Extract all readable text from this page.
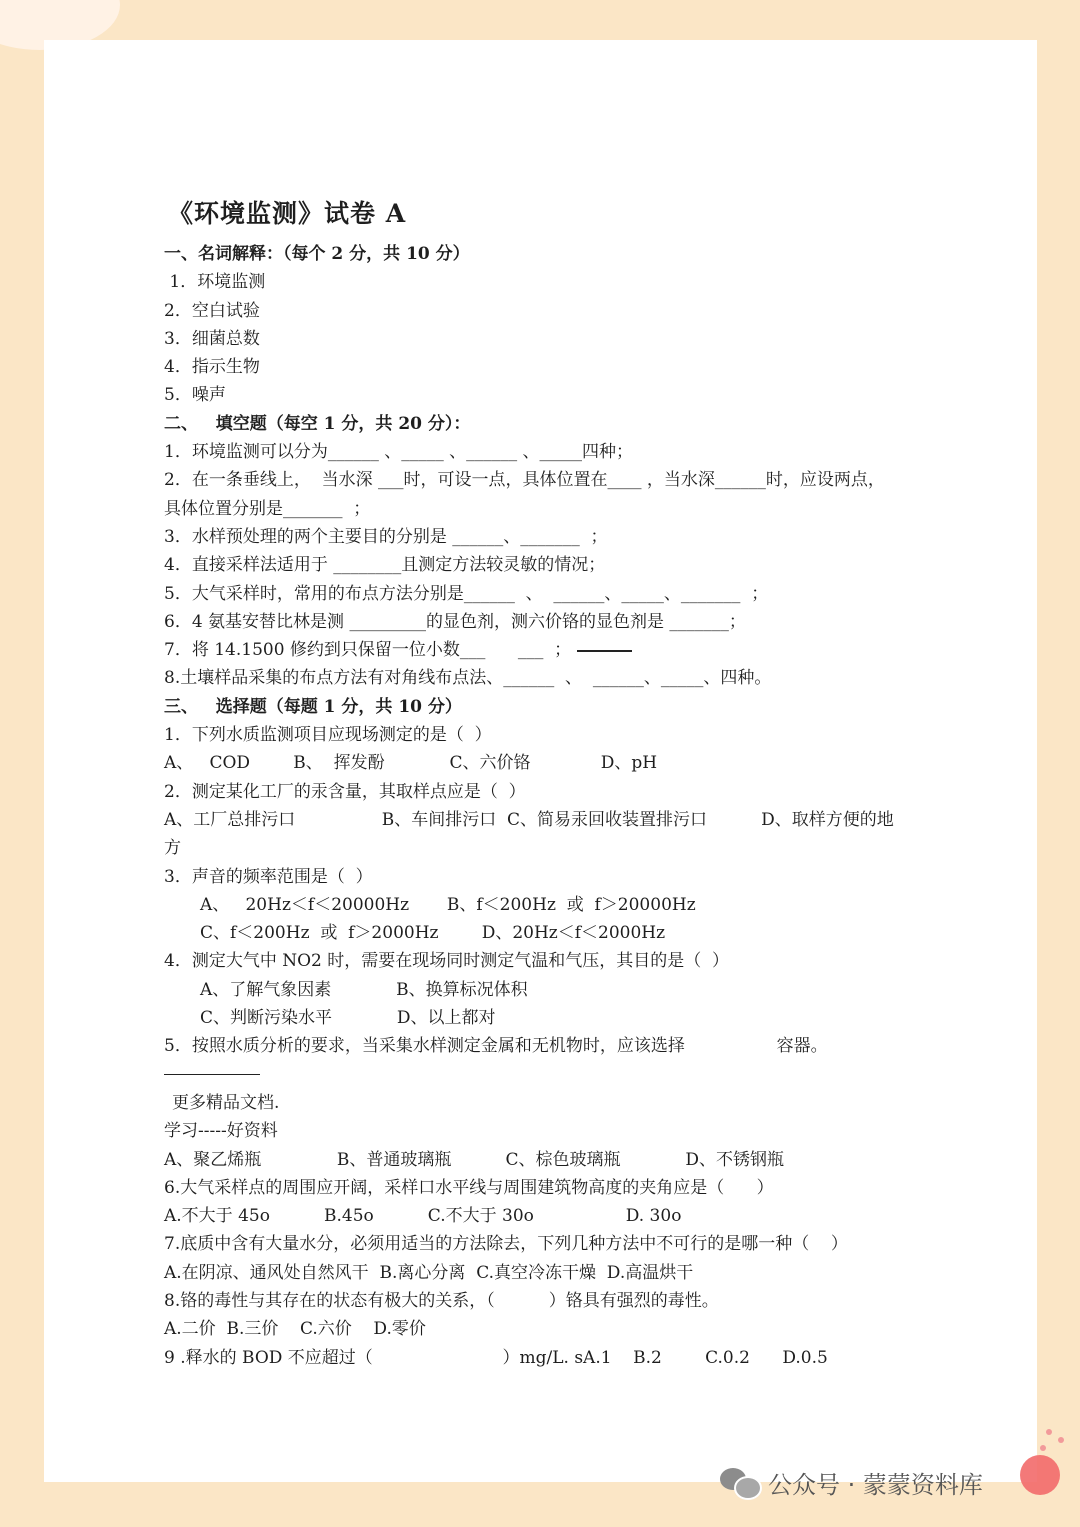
《环境监测》试卷 A
一、名词解释：（每个 2 分，共 10 分）
1．环境监测
2．空白试验
3．细菌总数
4．指示生物
5．噪声
二、   填空题（每空 1 分，共 20 分）：
1．环境监测可以分为______ 、_____ 、______ 、_____四种；
2．在一条垂线上，  当水深 ___时，可设一点，具体位置在____ ，当水深______时，应设两点，
具体位置分别是_______  ；
3．水样预处理的两个主要目的分别是 ______、_______  ；
4．直接采样法适用于 ________且测定方法较灵敏的情况；
5．大气采样时，常用的布点方法分别是______  、  ______、_____、_______  ；
6．4 氨基安替比林是测 _________的显色剂，测六价铬的显色剂是 _______；
7．将 14.1500 修约到只保留一位小数___      ___  ；
8.土壤样品采集的布点方法有对角线布点法、______  、  ______、_____、四种。
三、   选择题（每题 1 分，共 10 分）
1．下列水质监测项目应现场测定的是（  ）
A、   COD        B、  挥发酚            C、六价铬             D、pH
2．测定某化工厂的汞含量，其取样点应是（  ）
A、工厂总排污口                B、车间排污口  C、简易汞回收装置排污口          D、取样方便的地
方
3．声音的频率范围是（  ）
A、   20Hz＜f＜20000Hz       B、f＜200Hz  或  f＞20000Hz
C、f＜200Hz  或  f＞2000Hz        D、20Hz＜f＜2000Hz
4．测定大气中 NO2 时，需要在现场同时测定气温和气压，其目的是（  ）
A、了解气象因素            B、换算标况体积
C、判断污染水平            D、以上都对
5．按照水质分析的要求，当采集水样测定金属和无机物时，应该选择                 容器。
更多精品文档.
学习-----好资料
A、聚乙烯瓶              B、普通玻璃瓶          C、棕色玻璃瓶            D、不锈钢瓶
6.大气采样点的周围应开阔，采样口水平线与周围建筑物高度的夹角应是（      ）
A.不大于 45o          B.45o          C.不大于 30o                 D. 30o
7.底质中含有大量水分，必须用适当的方法除去，下列几种方法中不可行的是哪一种（    ）
A.在阴凉、通风处自然风干  B.离心分离  C.真空冷冻干燥  D.高温烘干
8.铬的毒性与其存在的状态有极大的关系，（          ）铬具有强烈的毒性。
A.二价  B.三价    C.六价    D.零价
9 .释水的 BOD 不应超过（                        ）mg/L. sA.1    B.2        C.0.2      D.0.5
公众号 · 蒙蒙资料库
